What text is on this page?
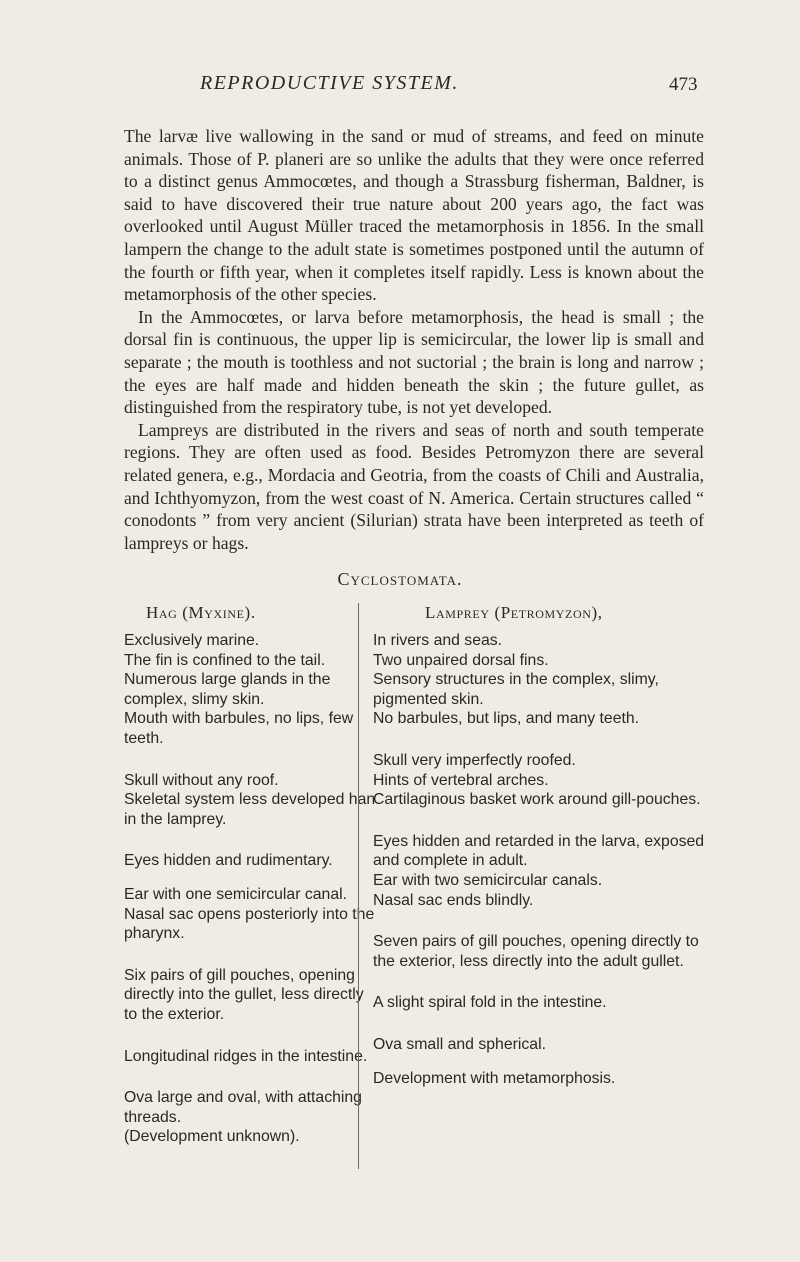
REPRODUCTIVE SYSTEM.	473

The larvæ live wallowing in the sand or mud of streams, and feed on minute animals. Those of P. planeri are so unlike the adults that they were once referred to a distinct genus Ammocœtes, and though a Strassburg fisherman, Baldner, is said to have discovered their true nature about 200 years ago, the fact was overlooked until August Müller traced the metamorphosis in 1856. In the small lampern the change to the adult state is sometimes postponed until the autumn of the fourth or fifth year, when it completes itself rapidly. Less is known about the metamorphosis of the other species.

In the Ammocœtes, or larva before metamorphosis, the head is small ; the dorsal fin is continuous, the upper lip is semicircular, the lower lip is small and separate ; the mouth is toothless and not suctorial ; the brain is long and narrow ; the eyes are half made and hidden beneath the skin ; the future gullet, as distinguished from the respiratory tube, is not yet developed.

Lampreys are distributed in the rivers and seas of north and south temperate regions. They are often used as food. Besides Petromyzon there are several related genera, e.g., Mordacia and Geotria, from the coasts of Chili and Australia, and Ichthyomyzon, from the west coast of N. America. Certain structures called “ conodonts ” from very ancient (Silurian) strata have been interpreted as teeth of lampreys or hags.

Cyclostomata.
Hag (Myxine).
Exclusively marine.
The fin is confined to the tail.
Numerous large glands in the complex, slimy skin.
Mouth with barbules, no lips, few teeth.
Skull without any roof.
Skeletal system less developed han in the lamprey.
Eyes hidden and rudimentary.
Ear with one semicircular canal.
Nasal sac opens posteriorly into the pharynx.
Six pairs of gill pouches, opening directly into the gullet, less directly to the exterior.
Longitudinal ridges in the intestine.
Ova large and oval, with attaching threads.
(Development unknown).
Lamprey (Petromyzon),
In rivers and seas.
Two unpaired dorsal fins.
Sensory structures in the complex, slimy, pigmented skin.
No barbules, but lips, and many teeth.
Skull very imperfectly roofed.
Hints of vertebral arches.
Cartilaginous basket work around gill-pouches.
Eyes hidden and retarded in the larva, exposed and complete in adult.
Ear with two semicircular canals.
Nasal sac ends blindly.
Seven pairs of gill pouches, opening directly to the exterior, less directly into the adult gullet.
A slight spiral fold in the intestine.
Ova small and spherical.
Development with metamorphosis.
